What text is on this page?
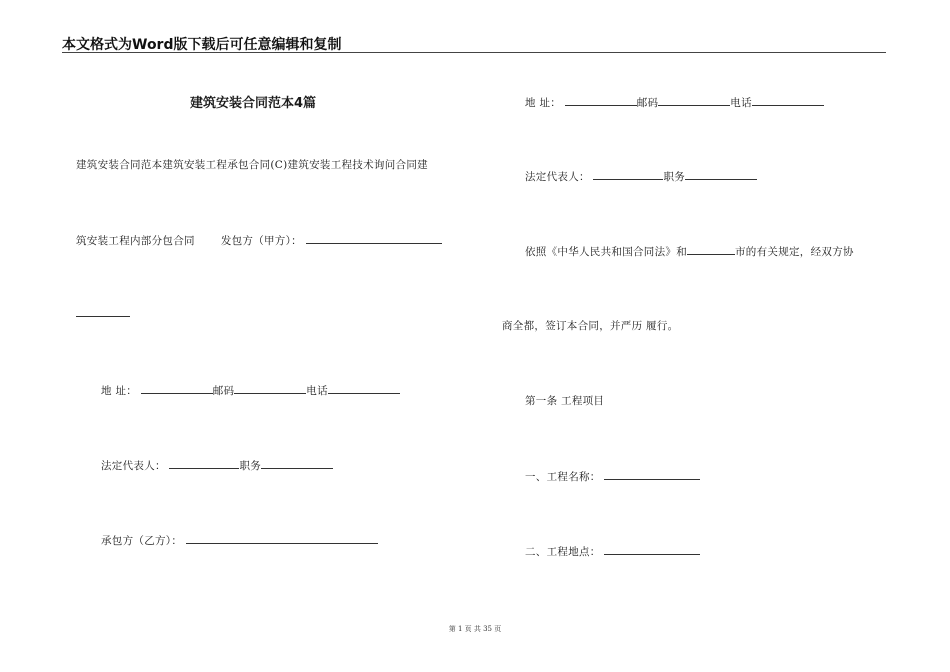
本文格式为Word版下载后可任意编辑和复制
建筑安装合同范本4篇
建筑安装合同范本建筑安装工程承包合同(C)建筑安装工程技术询问合同建
筑安装工程内部分包合同 发包方（甲方）：
地 址：	邮码	电话
法定代表人：	职务
承包方（乙方）：
地 址：	邮码	电话
法定代表人：	职务
依照《中华人民共和国合同法》和	市的有关规定，经双方协
商全都，签订本合同，并严历 履行。
第一条 工程项目
一、工程名称：
二、工程地点：
第 1 页 共 35 页
